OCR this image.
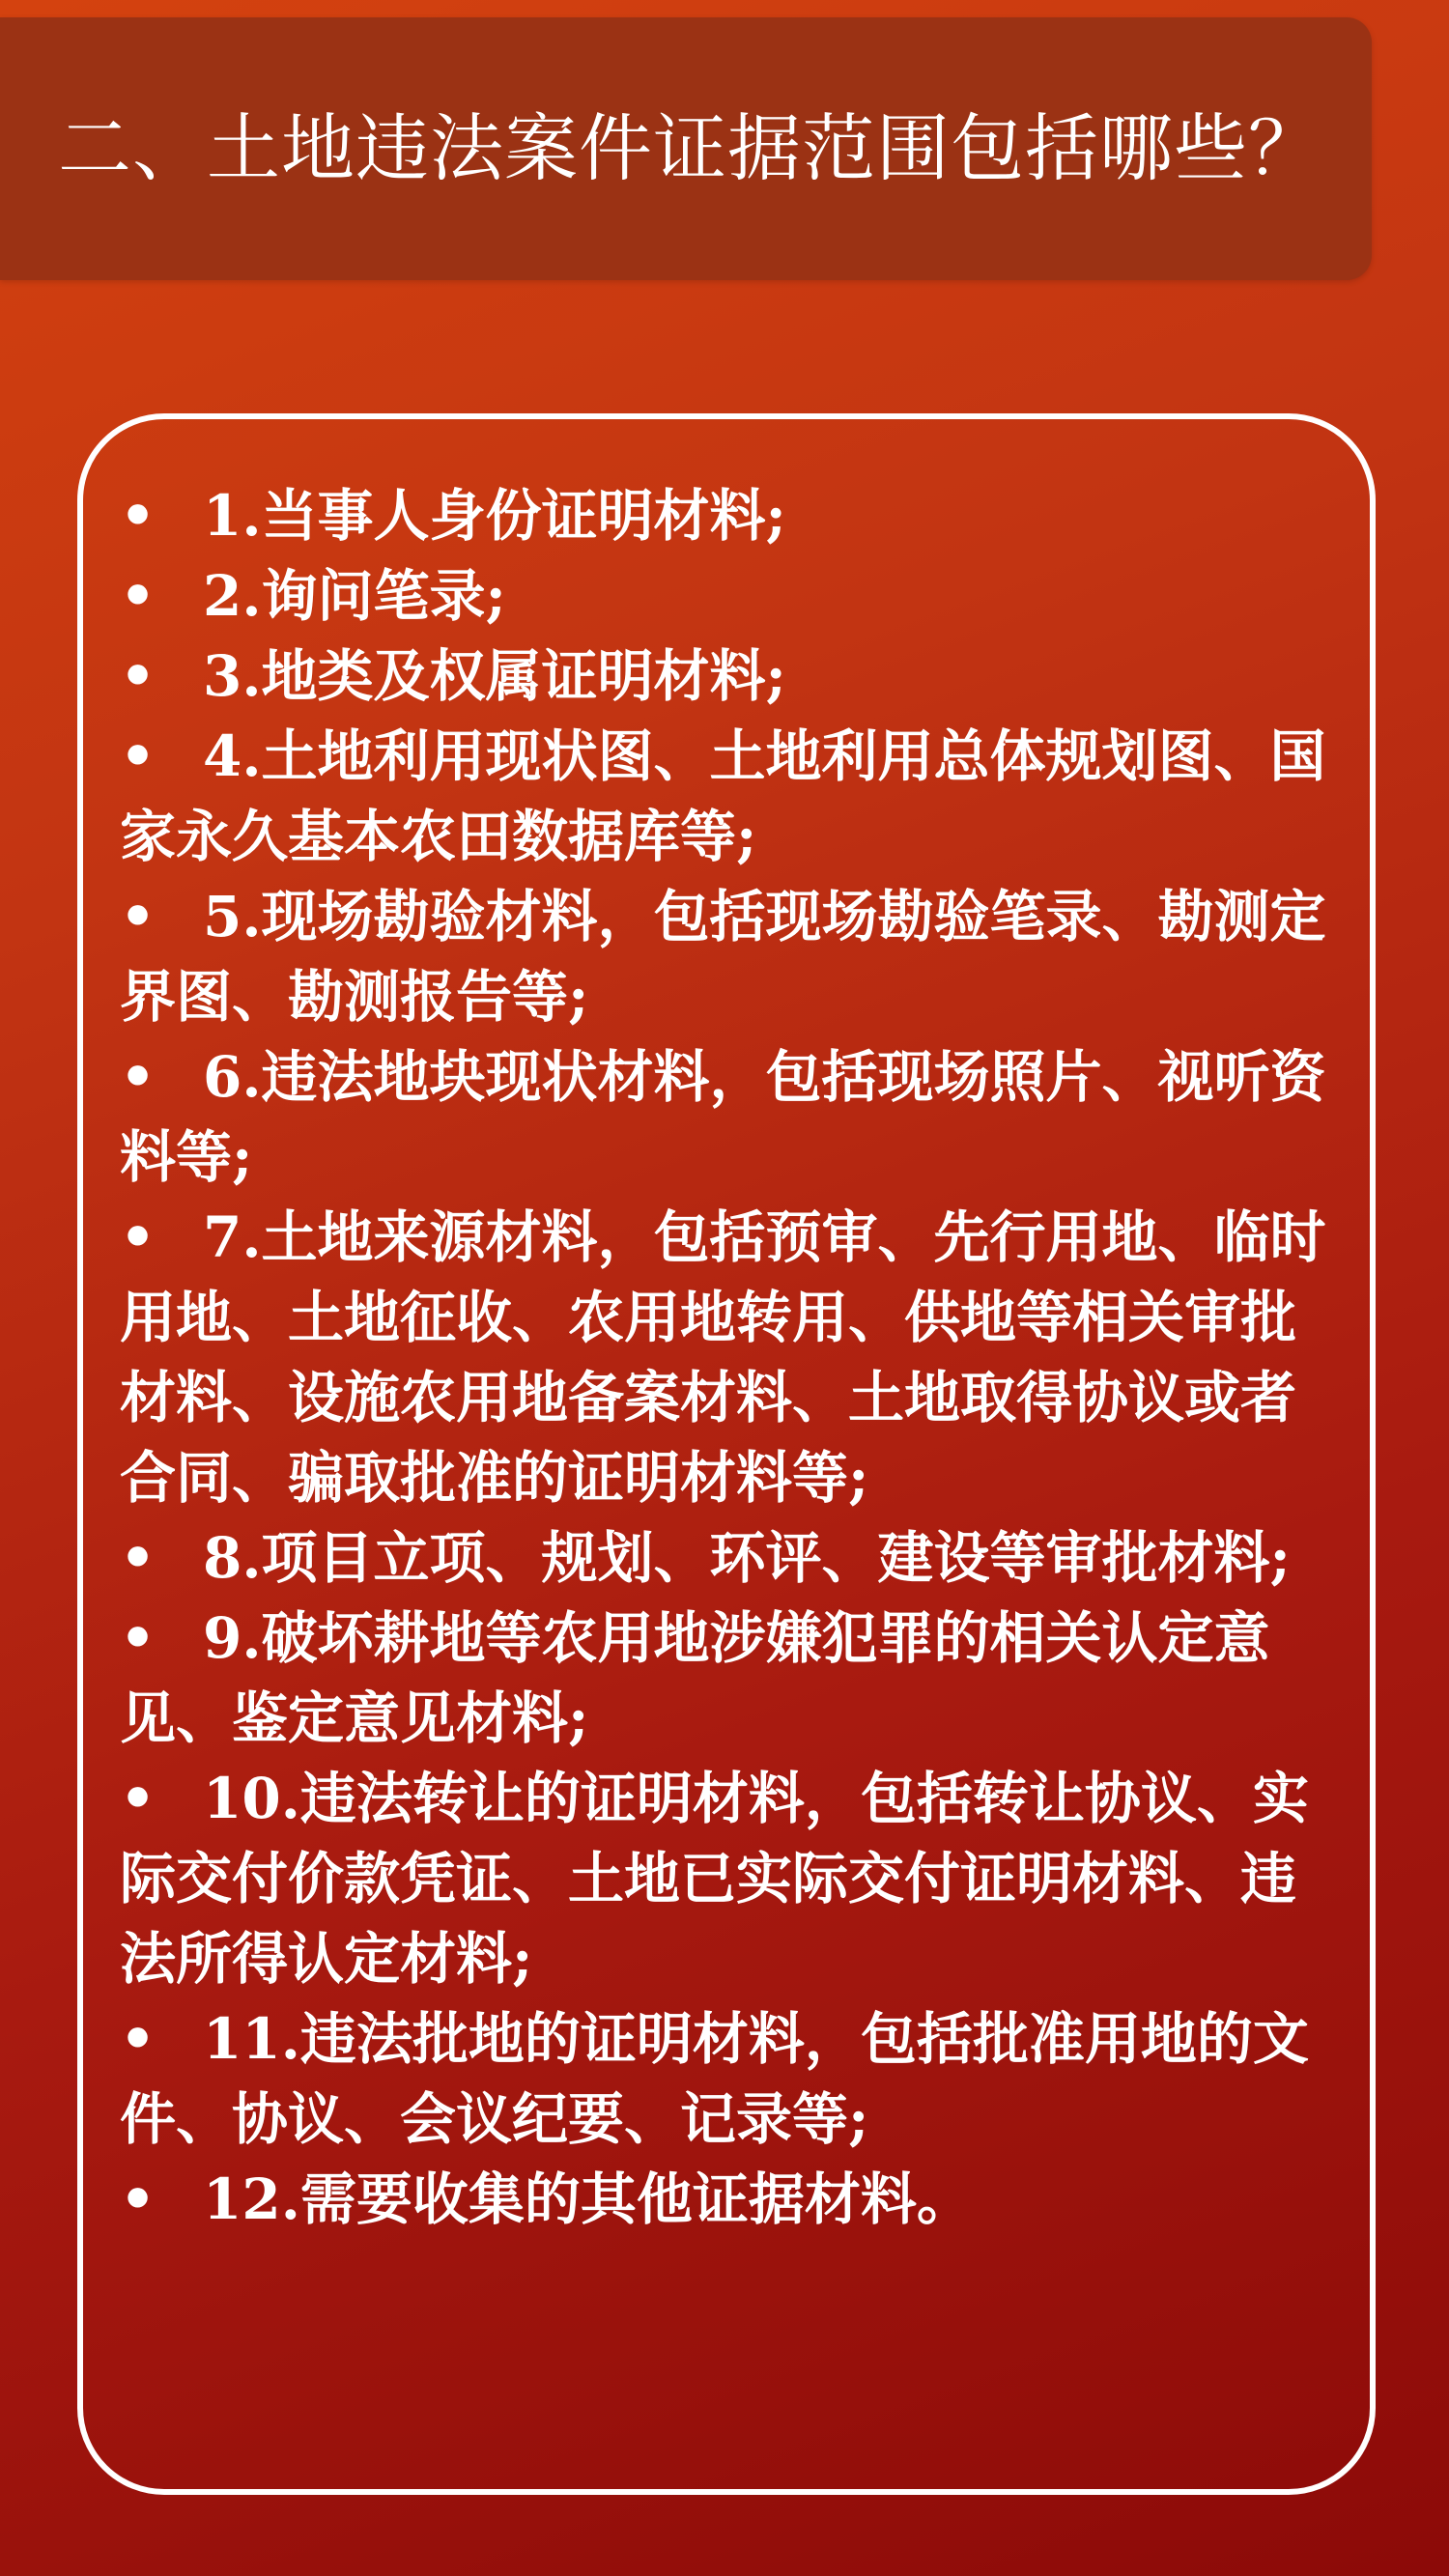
二、土地违法案件证据范围包括哪些？
• 1.当事人身份证明材料;
• 2.询问笔录;
• 3.地类及权属证明材料;
• 4.土地利用现状图、土地利用总体规划图、国家永久基本农田数据库等;
• 5.现场勘验材料，包括现场勘验笔录、勘测定界图、勘测报告等;
• 6.违法地块现状材料，包括现场照片、视听资料等;
• 7.土地来源材料，包括预审、先行用地、临时用地、土地征收、农用地转用、供地等相关审批材料、设施农用地备案材料、土地取得协议或者合同、骗取批准的证明材料等;
• 8.项目立项、规划、环评、建设等审批材料;
• 9.破坏耕地等农用地涉嫌犯罪的相关认定意见、鉴定意见材料;
• 10.违法转让的证明材料，包括转让协议、实际交付价款凭证、土地已实际交付证明材料、违法所得认定材料;
• 11.违法批地的证明材料，包括批准用地的文件、协议、会议纪要、记录等;
• 12.需要收集的其他证据材料。
